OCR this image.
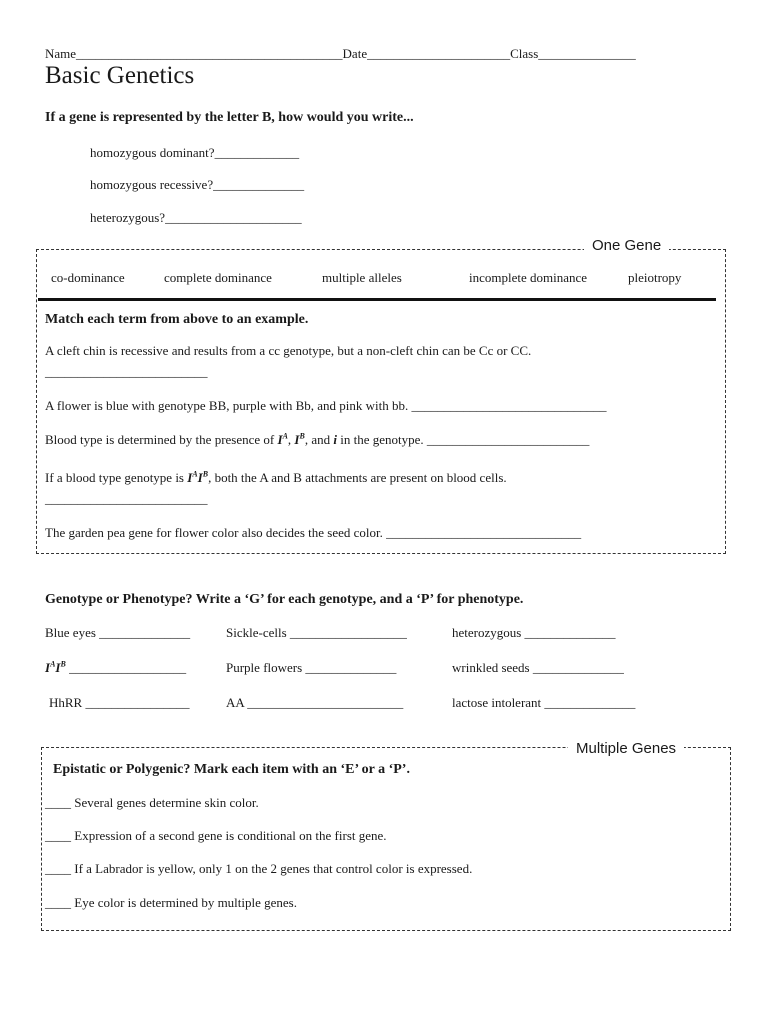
Name_________________________________________Date______________________Class_______________
Basic Genetics
If a gene is represented by the letter B, how would you write...
homozygous dominant?_____________
homozygous recessive?______________
heterozygous?_____________________
One Gene
co-dominance	complete dominance	multiple alleles	incomplete dominance	pleiotropy
Match each term from above to an example.
A cleft chin is recessive and results from a cc genotype, but a non-cleft chin can be Cc or CC.
_________________________
A flower is blue with genotype BB, purple with Bb, and pink with bb. ______________________________
Blood type is determined by the presence of $I^A$, $I^B$, and i in the genotype. _________________________
If a blood type genotype is $I^AI^B$, both the A and B attachments are present on blood cells.
_________________________
The garden pea gene for flower color also decides the seed color. ______________________________
Genotype or Phenotype? Write a ‘G’ for each genotype, and a ‘P’ for phenotype.
Blue eyes ______________	Sickle-cells __________________	heterozygous ______________
$I^AI^B$ __________________	Purple flowers ______________	wrinkled seeds ______________
HhRR ________________	AA ________________________	lactose intolerant ______________
Multiple Genes
Epistatic or Polygenic? Mark each item with an ‘E’ or a ‘P’.
____ Several genes determine skin color.
____ Expression of a second gene is conditional on the first gene.
____ If a Labrador is yellow, only 1 on the 2 genes that control color is expressed.
____ Eye color is determined by multiple genes.
